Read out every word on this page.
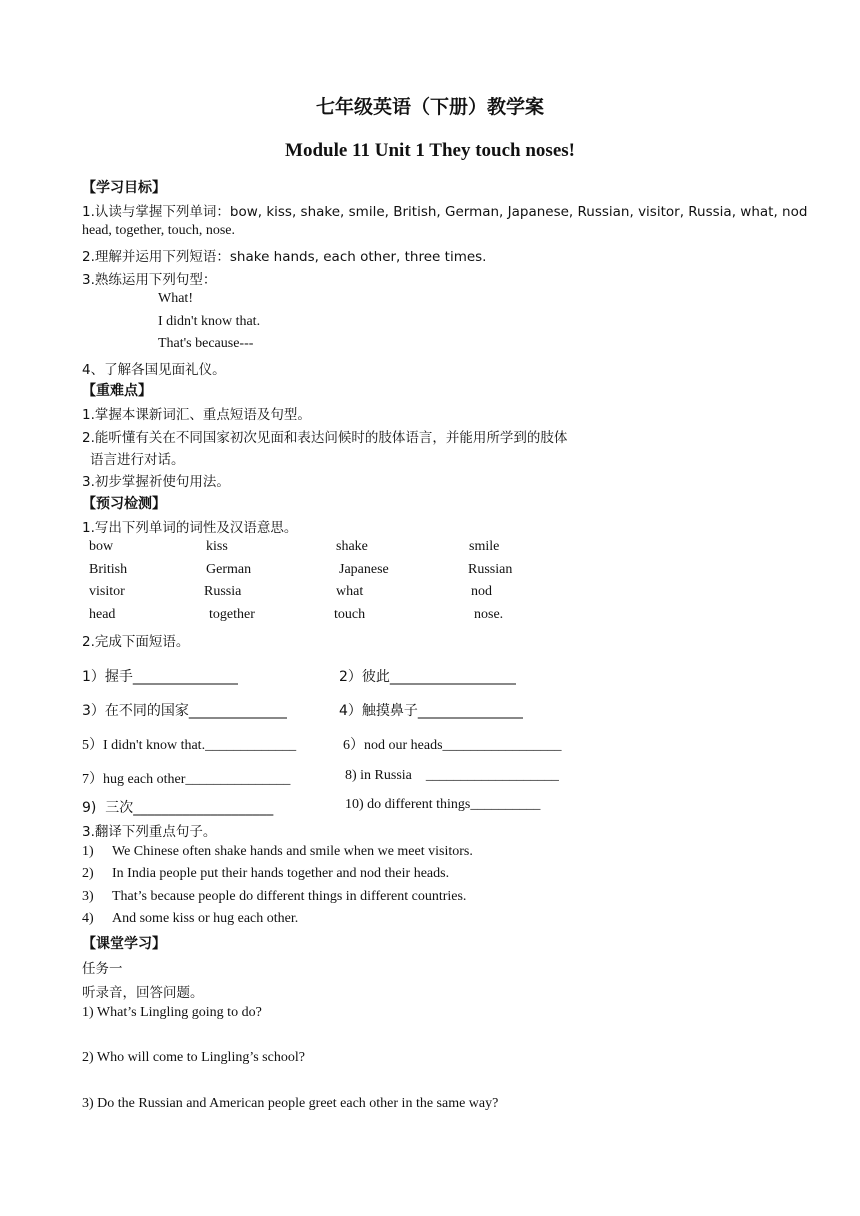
七年级英语（下册）教学案
Module 11 Unit 1 They touch noses!
【学习目标】
1.认读与掌握下列单词：bow, kiss, shake, smile, British, German, Japanese, Russian, visitor, Russia, what, nod
head, together, touch, nose.
2.理解并运用下列短语：shake hands, each other, three times.
3.熟练运用下列句型：
What!
I didn't know that.
That's because---
4、了解各国见面礼仪。
【重难点】
1.掌握本课新词汇、重点短语及句型。
2.能听懂有关在不同国家初次见面和表达问候时的肢体语言，并能用所学到的肢体
语言进行对话。
3.初步掌握祈使句用法。
【预习检测】
1.写出下列单词的词性及汉语意思。
bow	kiss	shake	smile
British	German	Japanese	Russian
visitor	Russia	what	nod
head	together	touch	nose.
2.完成下面短语。
1）握手_______________	2）彼此__________________
3）在不同的国家______________	4）触摸鼻子_______________
5）I didn't know that._____________	6）nod our heads_________________
7）hug each other_______________	8) in Russia    ___________________
9)  三次____________________	10) do different things__________
3.翻译下列重点句子。
1) We Chinese often shake hands and smile when we meet visitors.
2) In India people put their hands together and nod their heads.
3) That’s because people do different things in different countries.
4) And some kiss or hug each other.
【课堂学习】
任务一
听录音，回答问题。
1) What’s Lingling going to do?
2) Who will come to Lingling’s school?
3) Do the Russian and American people greet each other in the same way?
